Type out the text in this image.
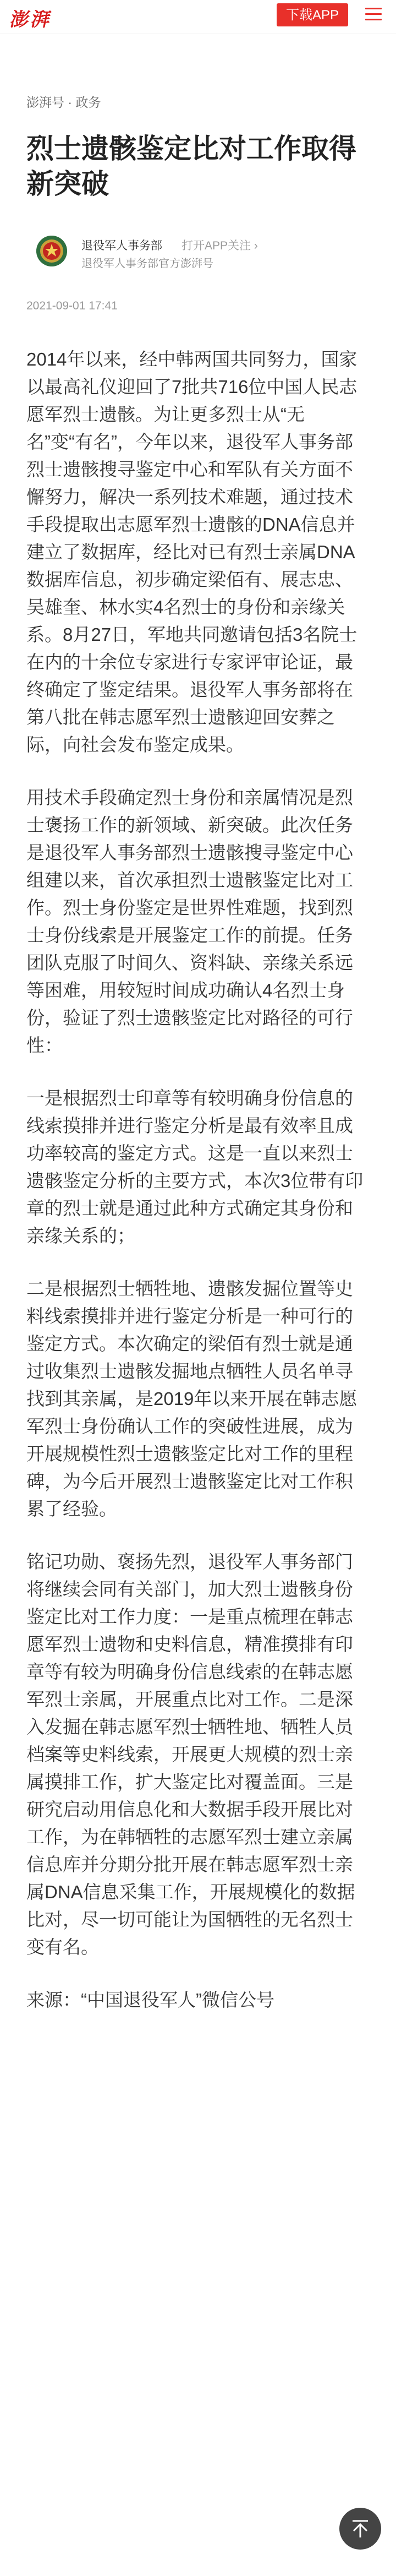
澎湃	下载APP
澎湃号 · 政务
烈士遗骸鉴定比对工作取得新突破
退役军人事务部 打开APP关注 ›
退役军人事务部官方澎湃号
2021-09-01 17:41

2014年以来，经中韩两国共同努力，国家以最高礼仪迎回了7批共716位中国人民志愿军烈士遗骸。为让更多烈士从“无名”变“有名”，今年以来，退役军人事务部烈士遗骸搜寻鉴定中心和军队有关方面不懈努力，解决一系列技术难题，通过技术手段提取出志愿军烈士遗骸的DNA信息并建立了数据库，经比对已有烈士亲属DNA数据库信息，初步确定梁佰有、展志忠、吴雄奎、林水实4名烈士的身份和亲缘关系。8月27日，军地共同邀请包括3名院士在内的十余位专家进行专家评审论证，最终确定了鉴定结果。退役军人事务部将在第八批在韩志愿军烈士遗骸迎回安葬之际，向社会发布鉴定成果。

用技术手段确定烈士身份和亲属情况是烈士褒扬工作的新领域、新突破。此次任务是退役军人事务部烈士遗骸搜寻鉴定中心组建以来，首次承担烈士遗骸鉴定比对工作。烈士身份鉴定是世界性难题，找到烈士身份线索是开展鉴定工作的前提。任务团队克服了时间久、资料缺、亲缘关系远等困难，用较短时间成功确认4名烈士身份，验证了烈士遗骸鉴定比对路径的可行性：

一是根据烈士印章等有较明确身份信息的线索摸排并进行鉴定分析是最有效率且成功率较高的鉴定方式。这是一直以来烈士遗骸鉴定分析的主要方式，本次3位带有印章的烈士就是通过此种方式确定其身份和亲缘关系的；

二是根据烈士牺牲地、遗骸发掘位置等史料线索摸排并进行鉴定分析是一种可行的鉴定方式。本次确定的梁佰有烈士就是通过收集烈士遗骸发掘地点牺牲人员名单寻找到其亲属，是2019年以来开展在韩志愿军烈士身份确认工作的突破性进展，成为开展规模性烈士遗骸鉴定比对工作的里程碑，为今后开展烈士遗骸鉴定比对工作积累了经验。

铭记功勋、褒扬先烈，退役军人事务部门将继续会同有关部门，加大烈士遗骸身份鉴定比对工作力度：一是重点梳理在韩志愿军烈士遗物和史料信息，精准摸排有印章等有较为明确身份信息线索的在韩志愿军烈士亲属，开展重点比对工作。二是深入发掘在韩志愿军烈士牺牲地、牺牲人员档案等史料线索，开展更大规模的烈士亲属摸排工作，扩大鉴定比对覆盖面。三是研究启动用信息化和大数据手段开展比对工作，为在韩牺牲的志愿军烈士建立亲属信息库并分期分批开展在韩志愿军烈士亲属DNA信息采集工作，开展规模化的数据比对，尽一切可能让为国牺牲的无名烈士变有名。

来源：“中国退役军人”微信公号
